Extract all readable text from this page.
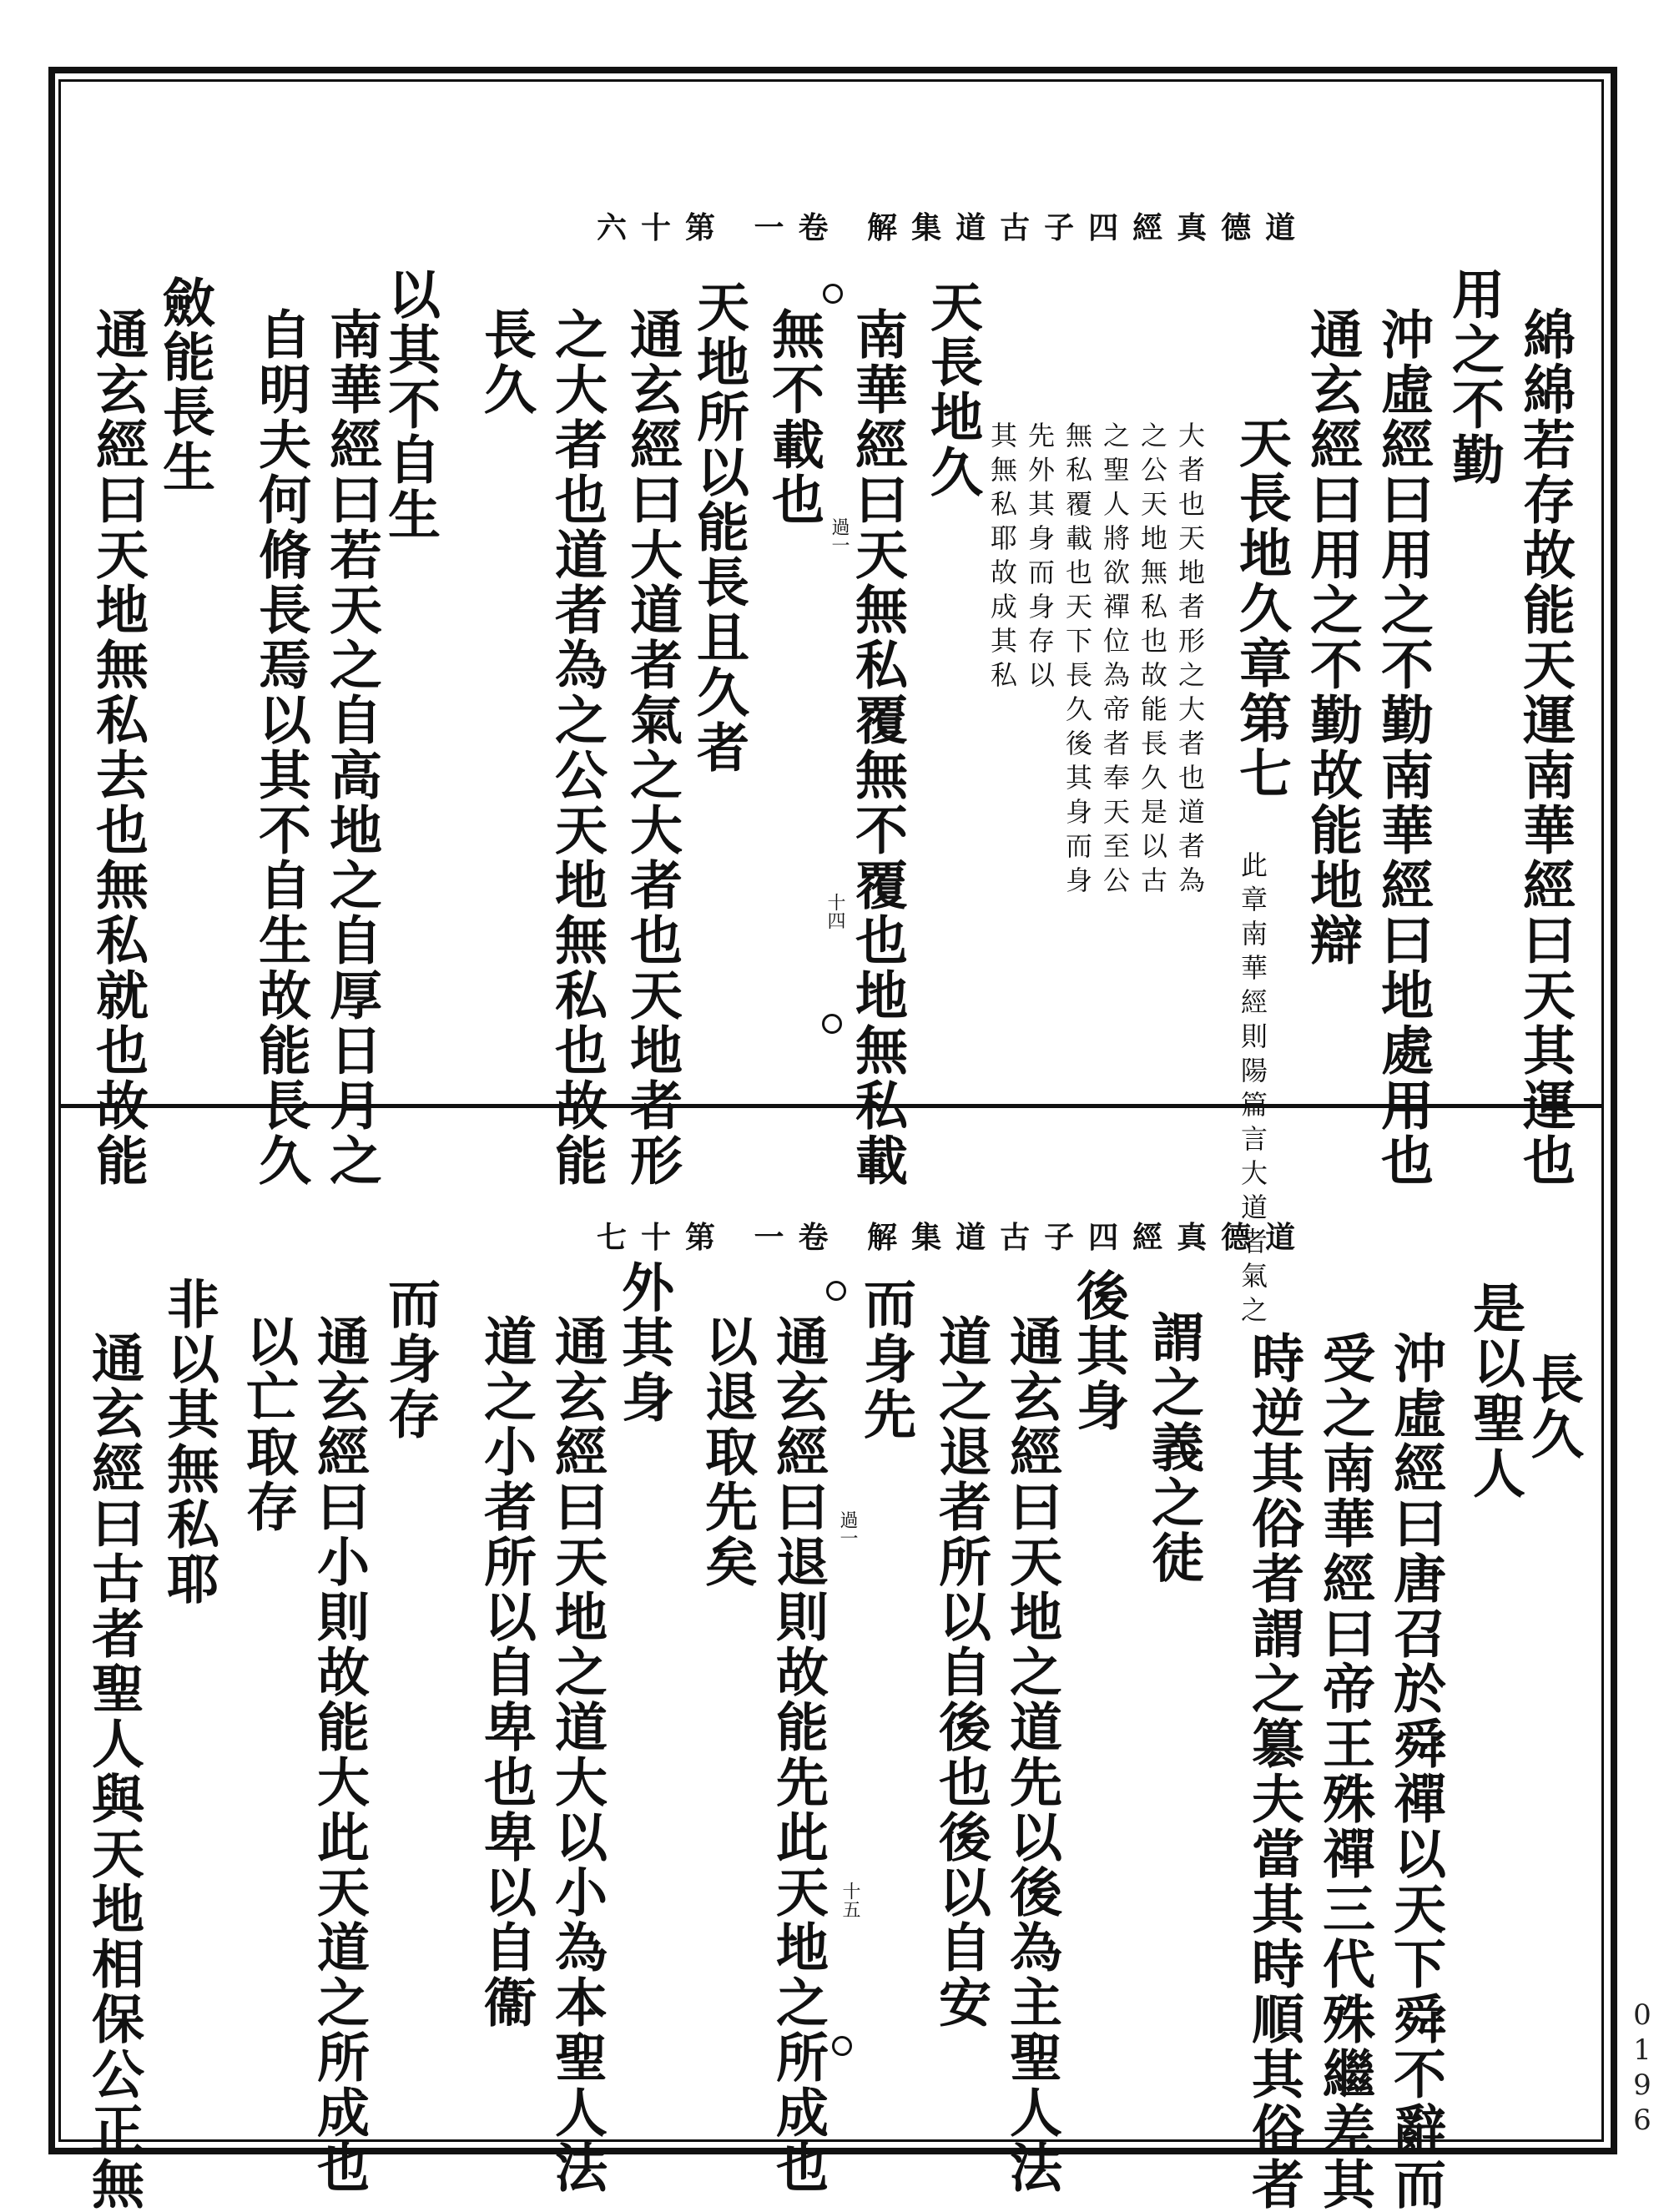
0196
道德真經四子古道集解 卷一 第十六
綿綿若存故能天運南華經曰天其運也
用之不勤
沖虛經曰用之不勤南華經曰地處用也
通玄經曰用之不勤故能地辯
天長地久章第七
此章南華經則陽篇言大道者氣之
大者也天地者形之大者也道者為
之公天地無私也故能長久是以古
之聖人將欲禪位為帝者奉天至公
無私覆載也天下長久後其身而身
先外其身而身存以
其無私耶故成其私
天長地久
南華經曰天無私覆無不覆也地無私載
無不載也
天地所以能長且久者
通玄經曰大道者氣之大者也天地者形
之大者也道者為之公天地無私也故能
長久
以其不自生
南華經曰若天之自高地之自厚日月之
自明夫何脩長焉以其不自生故能長久
能長生
通玄經曰天地無私去也無私就也故能	過一
十四
斂
道德真經四子古道集解 卷一 第十七
長久
是以聖人
沖虛經曰唐召於舜禪以天下舜不辭而
受之南華經曰帝王殊禪三代殊繼差其
時逆其俗者謂之簒夫當其時順其俗者
謂之義之徒
後其身
通玄經曰天地之道先以後為主聖人法
道之退者所以自後也後以自安
而身先
通玄經曰退則故能先此天地之所成也
以退取先矣
外其身
通玄經曰天地之道大以小為本聖人法
道之小者所以自卑也卑以自衞
而身存
通玄經曰小則故能大此天道之所成也
以亡取存
非以其無私耶
通玄經曰古者聖人與天地相保公正無	過一
十五
